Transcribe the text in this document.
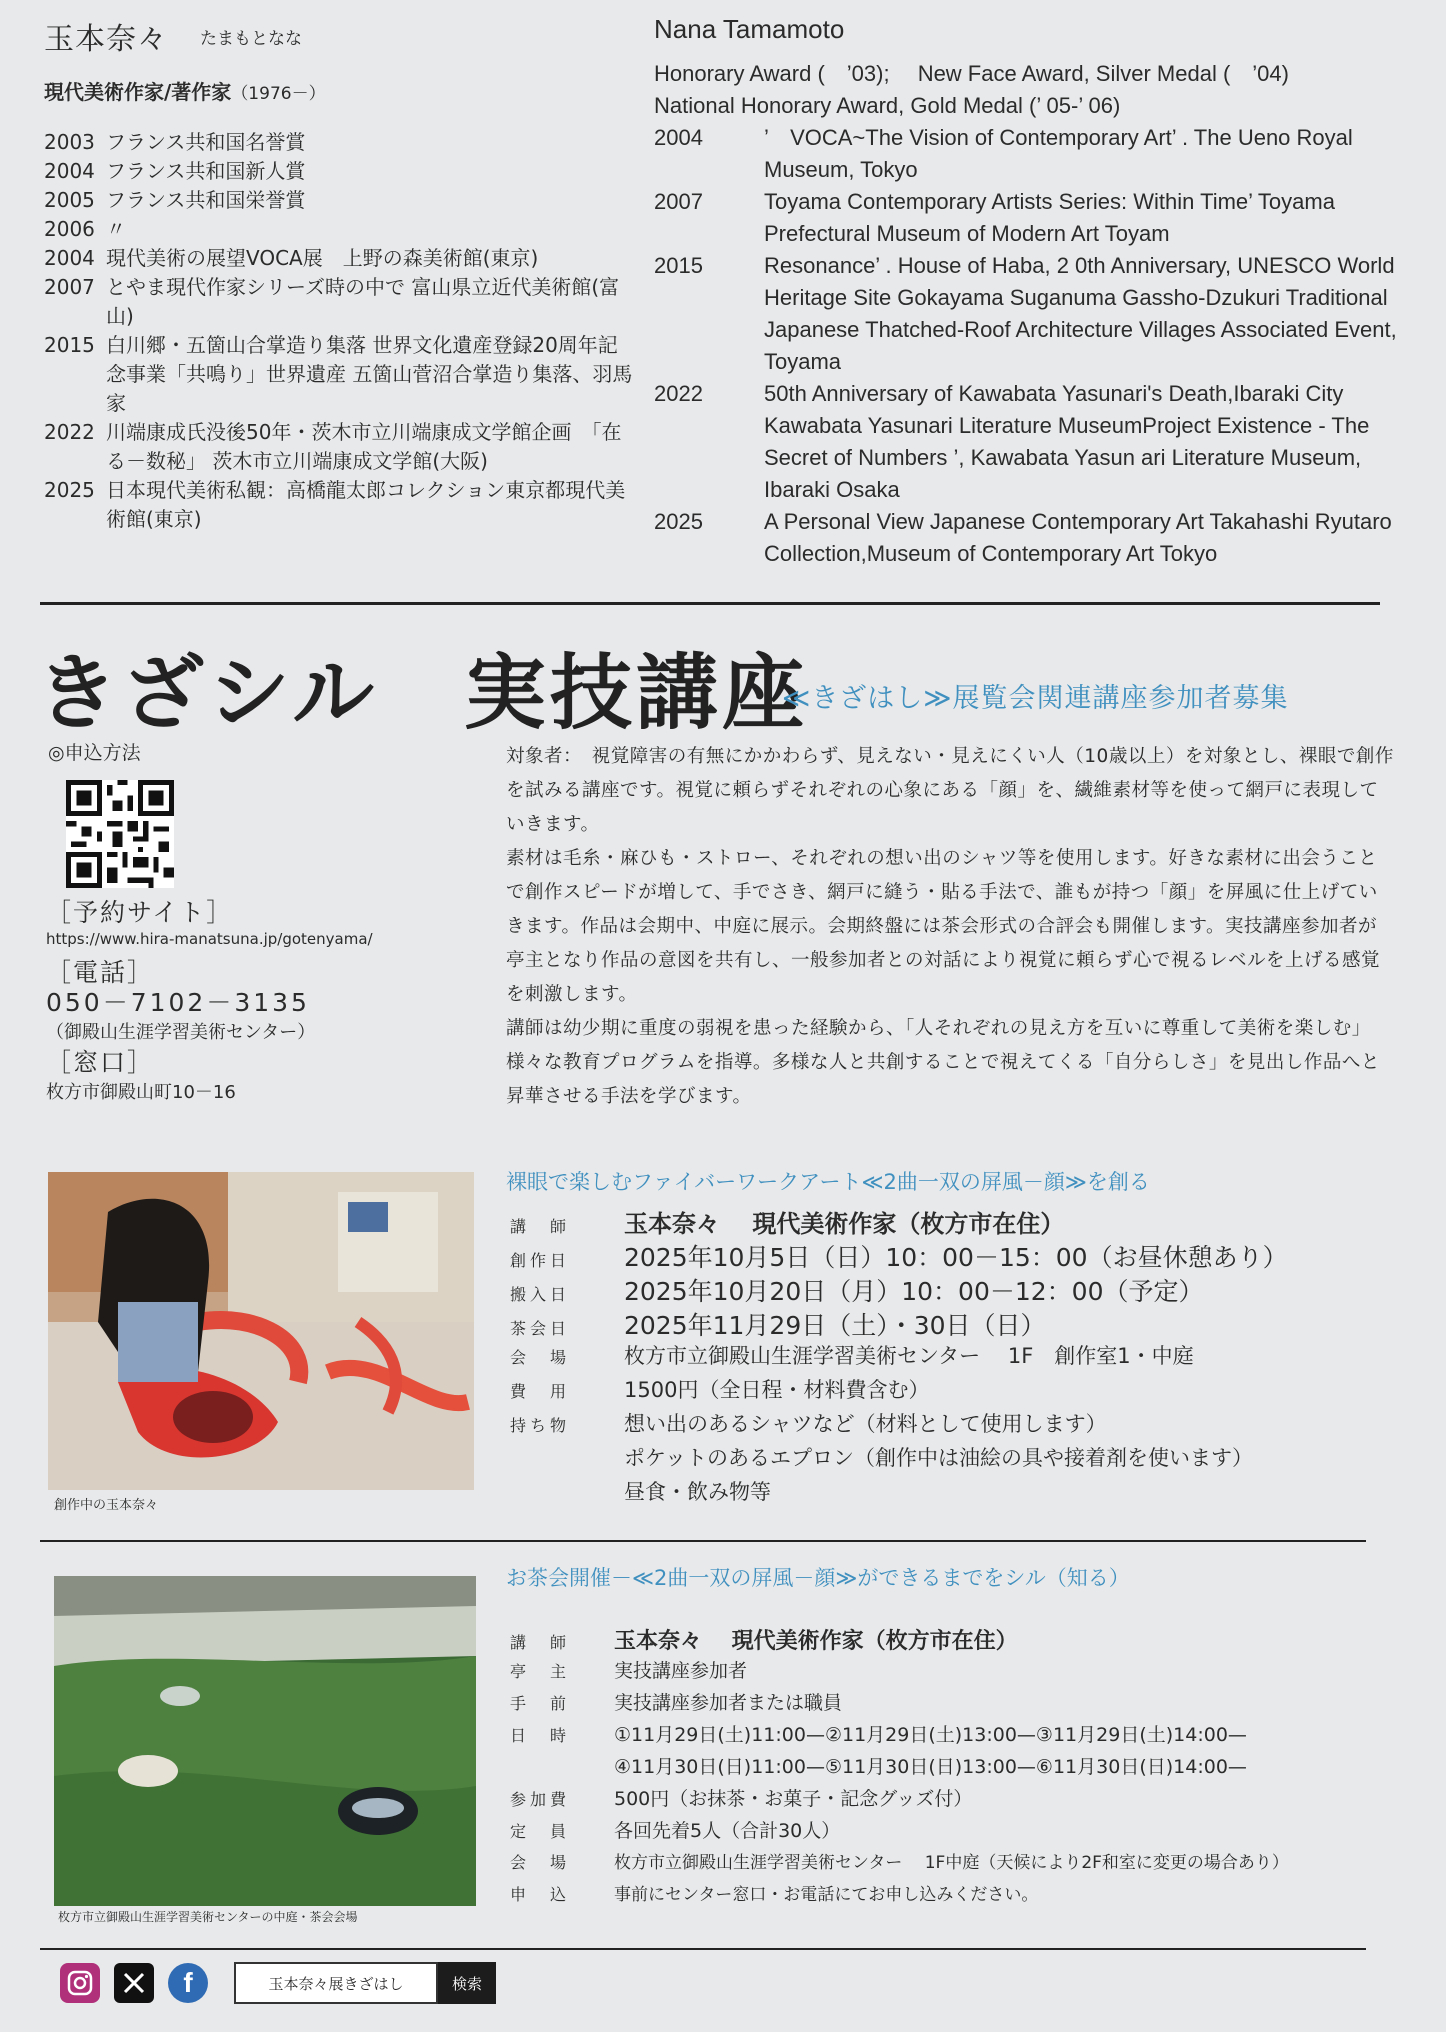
玉本奈々 たまもとなな
現代美術作家/著作家（1976－）
2003 フランス共和国名誉賞
2004 フランス共和国新人賞
2005 フランス共和国栄誉賞
2006 〃
2004 現代美術の展望VOCA展　上野の森美術館(東京)
2007 とやま現代作家シリーズ時の中で 富山県立近代美術館(富山)
2015 白川郷・五箇山合掌造り集落 世界文化遺産登録20周年記念事業「共鳴り」世界遺産 五箇山菅沼合掌造り集落、羽馬家
2022 川端康成氏没後50年・茨木市立川端康成文学館企画　「在る－数秘」 茨木市立川端康成文学館(大阪)
2025 日本現代美術私観：高橋龍太郎コレクション東京都現代美術館(東京)
Nana Tamamoto
Honorary Award (　’03);　 New Face Award, Silver Medal (　’04)
National Honorary Award, Gold Medal (’ 05-’ 06)
2004	’　VOCA~The Vision of Contemporary Art’ . The Ueno Royal Museum, Tokyo
2007	Toyama Contemporary Artists Series: Within Time’ Toyama Prefectural Museum of Modern Art Toyam
2015	Resonance’ . House of Haba, 2 0th Anniversary, UNESCO World Heritage Site Gokayama Suganuma Gassho-Dzukuri Traditional Japanese Thatched-Roof Architecture Villages Associated Event, Toyama
2022	50th Anniversary of Kawabata Yasunari's Death,Ibaraki City Kawabata Yasunari Literature MuseumProject Existence - The Secret of Numbers ’, Kawabata Yasun ari Literature Museum, Ibaraki Osaka
2025	A Personal View Japanese Contemporary Art Takahashi Ryutaro Collection,Museum of Contemporary Art Tokyo
きざシル　実技講座
≪きざはし≫展覧会関連講座参加者募集
◎申込方法
［予約サイト］
https://www.hira-manatsuna.jp/gotenyama/
［電話］
050－7102－3135
（御殿山生涯学習美術センター）
［窓口］
枚方市御殿山町10－16
対象者：　視覚障害の有無にかかわらず、見えない・見えにくい人（10歳以上）を対象とし、裸眼で創作を試みる講座です。視覚に頼らずそれぞれの心象にある「顔」を、繊維素材等を使って網戸に表現していきます。
素材は毛糸・麻ひも・ストロー、それぞれの想い出のシャツ等を使用します。好きな素材に出会うことで創作スピードが増して、手でさき、網戸に縫う・貼る手法で、誰もが持つ「顔」を屏風に仕上げていきます。作品は会期中、中庭に展示。会期終盤には茶会形式の合評会も開催します。実技講座参加者が亭主となり作品の意図を共有し、一般参加者との対話により視覚に頼らず心で視るレベルを上げる感覚を刺激します。
講師は幼少期に重度の弱視を患った経験から、「人それぞれの見え方を互いに尊重して美術を楽しむ」様々な教育プログラムを指導。多様な人と共創することで視えてくる「自分らしさ」を見出し作品へと昇華させる手法を学びます。
創作中の玉本奈々
裸眼で楽しむファイバーワークアート≪2曲一双の屏風－顔≫を創る
講　師	玉本奈々　 現代美術作家（枚方市在住）
創作日	2025年10月5日（日）10：00－15：00（お昼休憩あり）
搬入日	2025年10月20日（月）10：00－12：00（予定）
茶会日	2025年11月29日（土）・30日（日）
会　場	枚方市立御殿山生涯学習美術センター　 1F　創作室1・中庭
費　用	1500円（全日程・材料費含む）
持ち物	想い出のあるシャツなど（材料として使用します）
ポケットのあるエプロン（創作中は油絵の具や接着剤を使います）
昼食・飲み物等
枚方市立御殿山生涯学習美術センターの中庭・茶会会場
お茶会開催－≪2曲一双の屏風－顔≫ができるまでをシル（知る）
講　師	玉本奈々　 現代美術作家（枚方市在住）
亭　主	実技講座参加者
手　前	実技講座参加者または職員
日　時	①11月29日(土)11:00—②11月29日(土)13:00—③11月29日(土)14:00—
④11月30日(日)11:00—⑤11月30日(日)13:00—⑥11月30日(日)14:00—
参加費	500円（お抹茶・お菓子・記念グッズ付）
定　員	各回先着5人（合計30人）
会　場	枚方市立御殿山生涯学習美術センター　 1F中庭（天候により2F和室に変更の場合あり）
申　込	事前にセンター窓口・お電話にてお申し込みください。
f	玉本奈々展きざはし	検索
